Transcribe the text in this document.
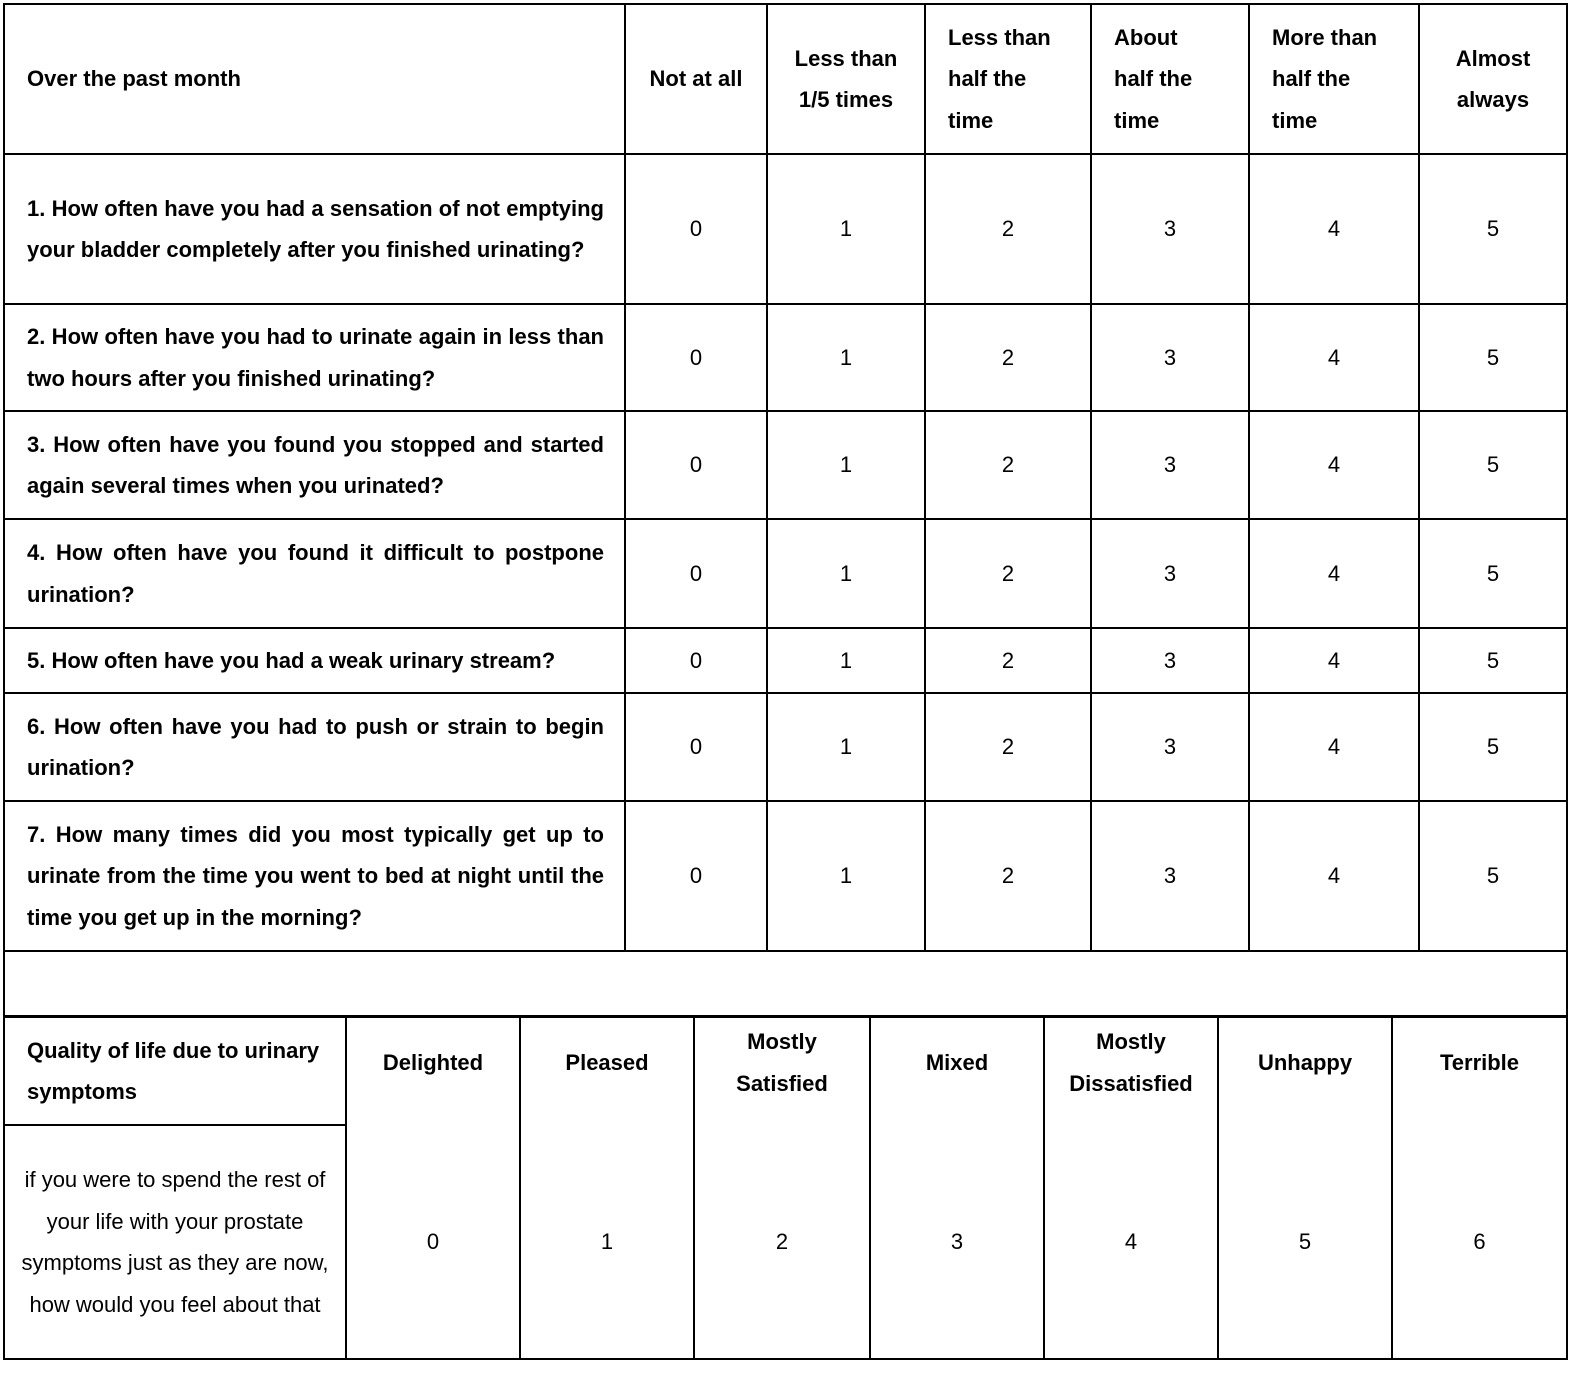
Over the past month	Not at all	Less than 1/5 times	Less than half the time	About half the time	More than half the time	Almost always
1. How often have you had a sensation of not emptying your bladder completely after you finished urinating?	0	1	2	3	4	5
2. How often have you had to urinate again in less than two hours after you finished urinating?	0	1	2	3	4	5
3. How often have you found you stopped and started again several times when you urinated?	0	1	2	3	4	5
4. How often have you found it difficult to postpone urination?	0	1	2	3	4	5
5. How often have you had a weak urinary stream?	0	1	2	3	4	5
6. How often have you had to push or strain to begin urination?	0	1	2	3	4	5
7. How many times did you most typically get up to urinate from the time you went to bed at night until the time you get up in the morning?	0	1	2	3	4	5

Quality of life due to urinary symptoms	Delighted	Pleased	Mostly Satisfied	Mixed	Mostly Dissatisfied	Unhappy	Terrible
if you were to spend the rest of your life with your prostate symptoms just as they are now, how would you feel about that	0	1	2	3	4	5	6
